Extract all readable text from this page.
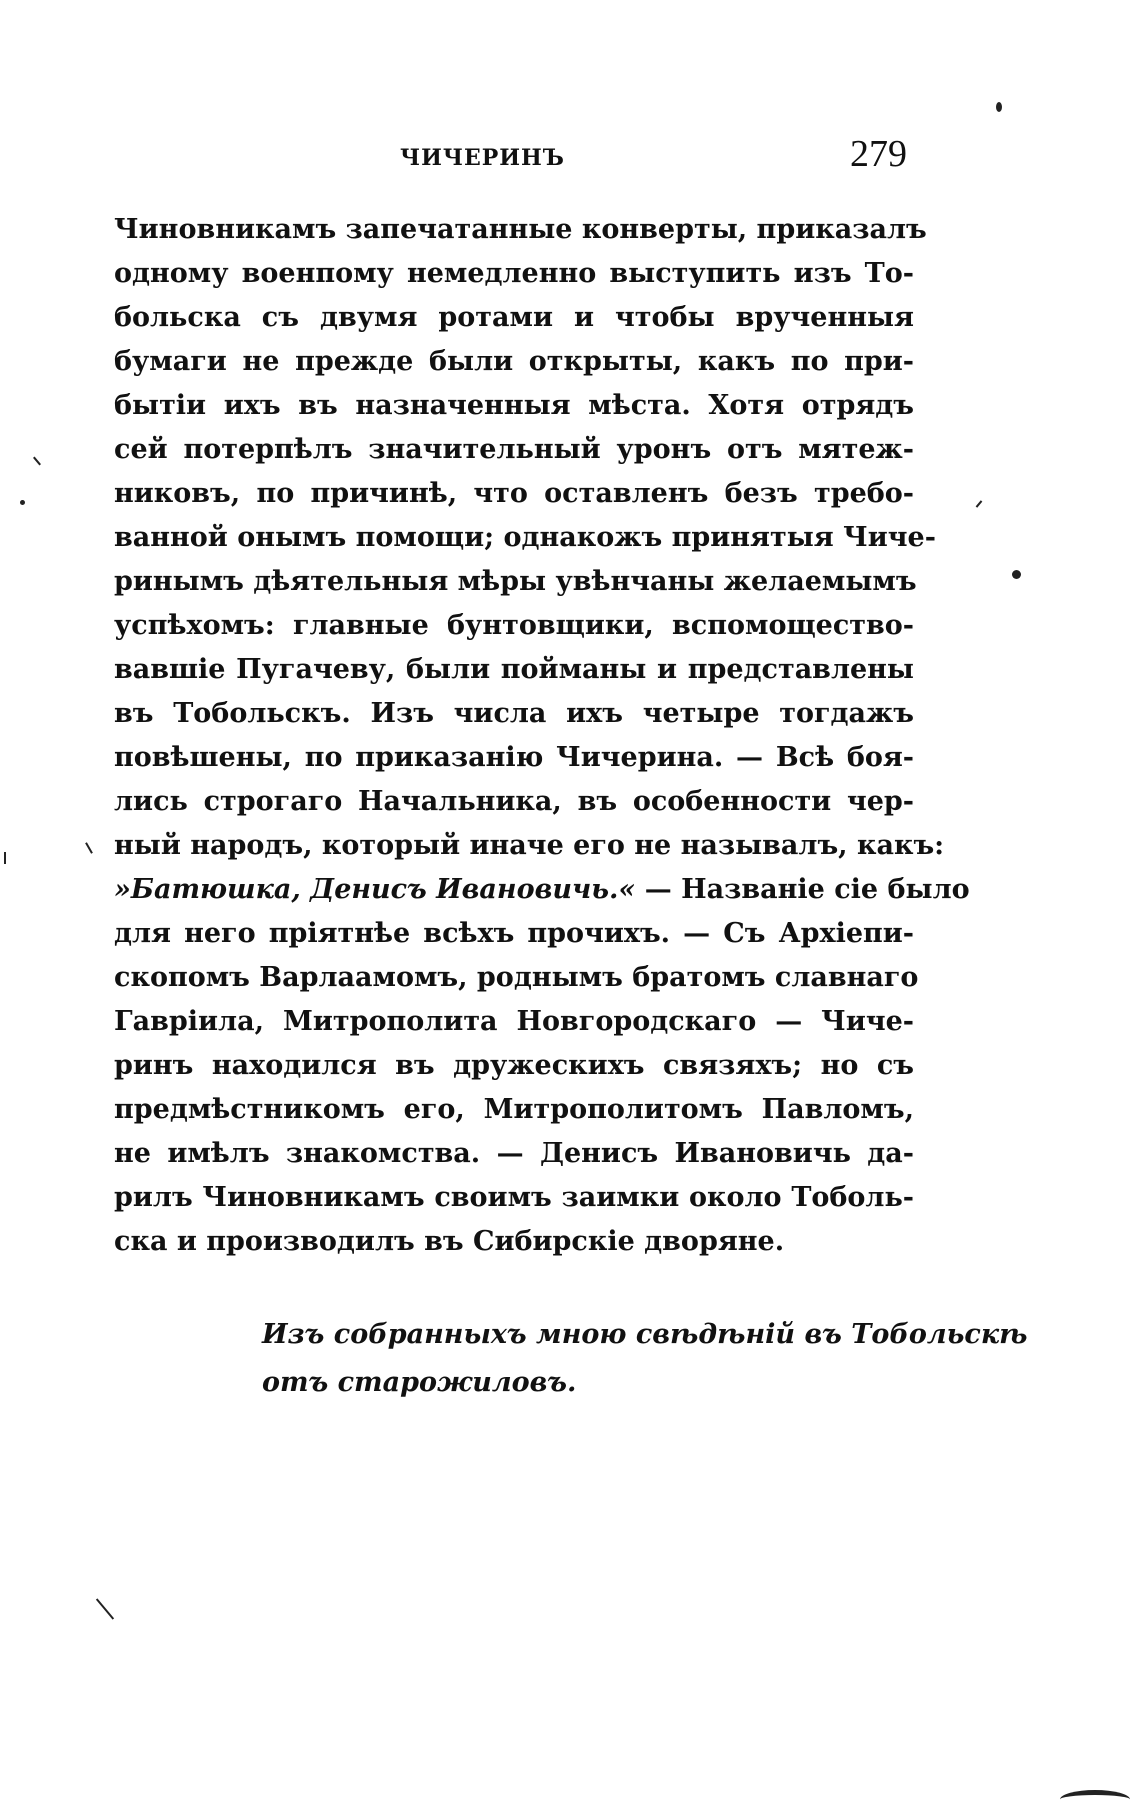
ЧИЧЕРИНЪ	279
Чиновникамъ запечатанные конверты, приказалъ
одному военпому немедленно выступить изъ То-
больска съ двумя ротами и чтобы врученныя
бумаги не прежде были открыты, какъ по при-
бытіи ихъ въ назначенныя мѣста. Хотя отрядъ
сей потерпѣлъ значительный уронъ отъ мятеж-
никовъ, по причинѣ, что оставленъ безъ требо-
ванной онымъ помощи; однакожъ принятыя Чиче-
ринымъ дѣятельныя мѣры увѣнчаны желаемымъ
успѣхомъ: главные бунтовщики, вспомоществo-
вавшіе Пугачеву, были пойманы и представлены
въ Тобольскъ. Изъ числа ихъ четыре тогдажъ
повѣшены, по приказанію Чичерина. — Всѣ боя-
лись строгаго Начальника, въ особенности чер-
ный народъ, который иначе его не называлъ, какъ:
»Батюшка, Денисъ Ивановичь.« — Названіе сіе было
для него пріятнѣе всѣхъ прочихъ. — Съ Архіепи-
скопомъ Варлаамомъ, роднымъ братомъ славнаго
Гавріила, Митрополита Новгородскаго — Чиче-
ринъ находился въ дружескихъ связяхъ; но съ
предмѣстникомъ его, Митрополитомъ Павломъ,
не имѣлъ знакомства. — Денисъ Ивановичь да-
рилъ Чиновникамъ своимъ заимки около Тоболь-
ска и производилъ въ Сибирскіе дворяне.
Изъ собранныхъ мною свѣдѣній въ Тобольскѣ
отъ старожиловъ.
